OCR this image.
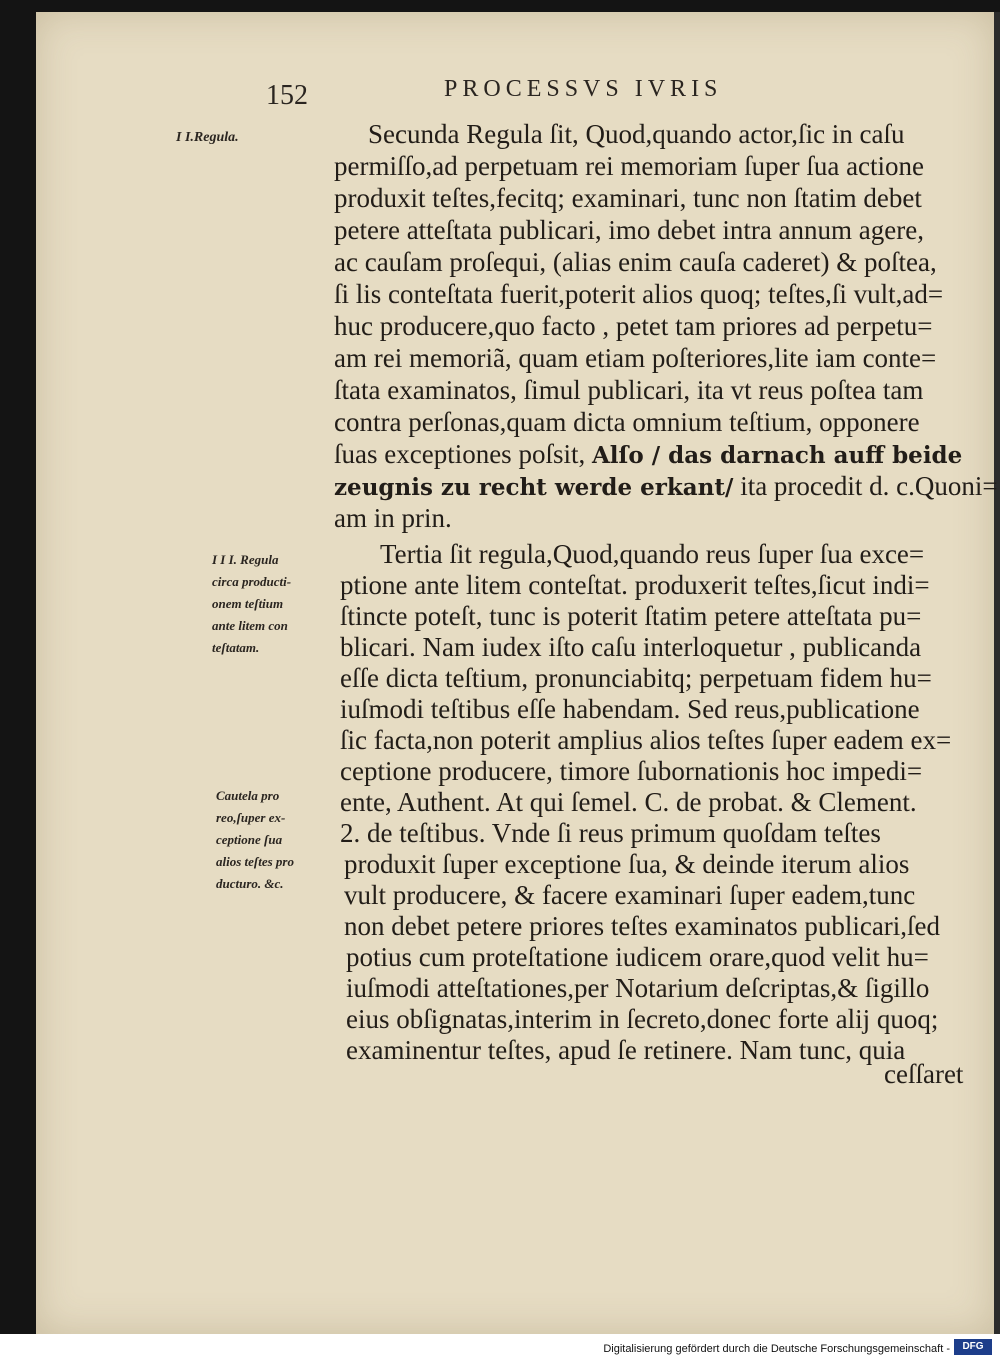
152	PROCESSVS IVRIS
I I.Regula.
I I I. Regula
circa producti-
onem teſtium
ante litem con
teſtatam.
Cautela pro
reo,ſuper ex-
ceptione ſua
alios teſtes pro
ducturo. &c.
Secunda Regula ſit, Quod,quando actor,ſic in caſu
permiſſo,ad perpetuam rei memoriam ſuper ſua actione
produxit teſtes,fecitq; examinari, tunc non ſtatim debet
petere atteſtata publicari, imo debet intra annum agere,
ac cauſam proſequi, (alias enim cauſa caderet) & poſtea,
ſi lis conteſtata fuerit,poterit alios quoq; teſtes,ſi vult,ad=
huc producere,quo facto , petet tam priores ad perpetu=
am rei memoriã, quam etiam poſteriores,lite iam conte=
ſtata examinatos, ſimul publicari, ita vt reus poſtea tam
contra perſonas,quam dicta omnium teſtium, opponere
ſuas exceptiones poſsit, Alſo / das darnach auff beide
zeugnis zu recht werde erkant/ ita procedit d. c.Quoni=
am in prin.
Tertia ſit regula,Quod,quando reus ſuper ſua exce=
ptione ante litem conteſtat. produxerit teſtes,ſicut indi=
ſtincte poteſt, tunc is poterit ſtatim petere atteſtata pu=
blicari. Nam iudex iſto caſu interloquetur , publicanda
eſſe dicta teſtium, pronunciabitq; perpetuam fidem hu=
iuſmodi teſtibus eſſe habendam. Sed reus,publicatione
ſic facta,non poterit amplius alios teſtes ſuper eadem ex=
ceptione producere, timore ſubornationis hoc impedi=
ente, Authent. At qui ſemel. C. de probat. & Clement.
2. de teſtibus. Vnde ſi reus primum quoſdam teſtes
produxit ſuper exceptione ſua, & deinde iterum alios
vult producere, & facere examinari ſuper eadem,tunc
non debet petere priores teſtes examinatos publicari,ſed
potius cum proteſtatione iudicem orare,quod velit hu=
iuſmodi atteſtationes,per Notarium deſcriptas,& ſigillo
eius obſignatas,interim in ſecreto,donec forte alij quoq;
examinentur teſtes, apud ſe retinere. Nam tunc, quia
ceſſaret
Digitalisierung gefördert durch die Deutsche Forschungsgemeinschaft -	DFG
